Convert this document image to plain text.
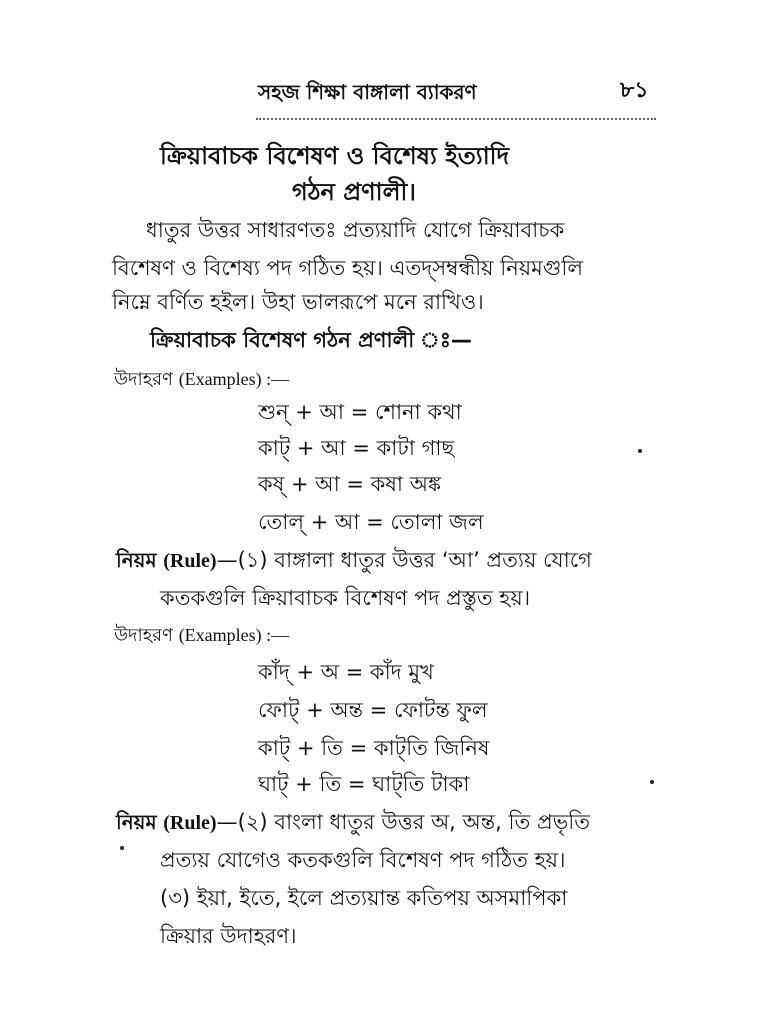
সহজ শিক্ষা বাঙ্গালা ব্যাকরণ	৮১
ক্রিয়াবাচক বিশেষণ ও বিশেষ্য ইত্যাদি
গঠন প্রণালী।
ধাতুর উত্তর সাধারণতঃ প্রত্যয়াদি যোগে ক্রিয়াবাচক
বিশেষণ ও বিশেষ্য পদ গঠিত হয়। এতদ্‌সম্বন্ধীয় নিয়মগুলি
নিম্নে বর্ণিত হইল। উহা ভালরূপে মনে রাখিও।
ক্রিয়াবাচক বিশেষণ গঠন প্রণালী ঃ—
উদাহরণ (Examples) :—
শুন্‌ + আ = শোনা কথা
কাট্‌ + আ = কাটা গাছ
কষ্‌ + আ = কষা অঙ্ক
তোল্‌ + আ = তোলা জল
নিয়ম (Rule)—(১) বাঙ্গালা ধাতুর উত্তর ‘আ’ প্রত্যয় যোগে
কতকগুলি ক্রিয়াবাচক বিশেষণ পদ প্রস্তুত হয়।
উদাহরণ (Examples) :—
কাঁদ্‌ + অ = কাঁদ মুখ
ফোট্‌ + অন্ত = ফোটন্ত ফুল
কাট্‌ + তি = কাট্‌তি জিনিষ
ঘাট্‌ + তি = ঘাট্‌তি টাকা
নিয়ম (Rule)—(২) বাংলা ধাতুর উত্তর অ, অন্ত, তি প্রভৃতি
প্রত্যয় যোগেও কতকগুলি বিশেষণ পদ গঠিত হয়।
(৩) ইয়া, ইতে, ইলে প্রত্যয়ান্ত কতিপয় অসমাপিকা
ক্রিয়ার উদাহরণ।
